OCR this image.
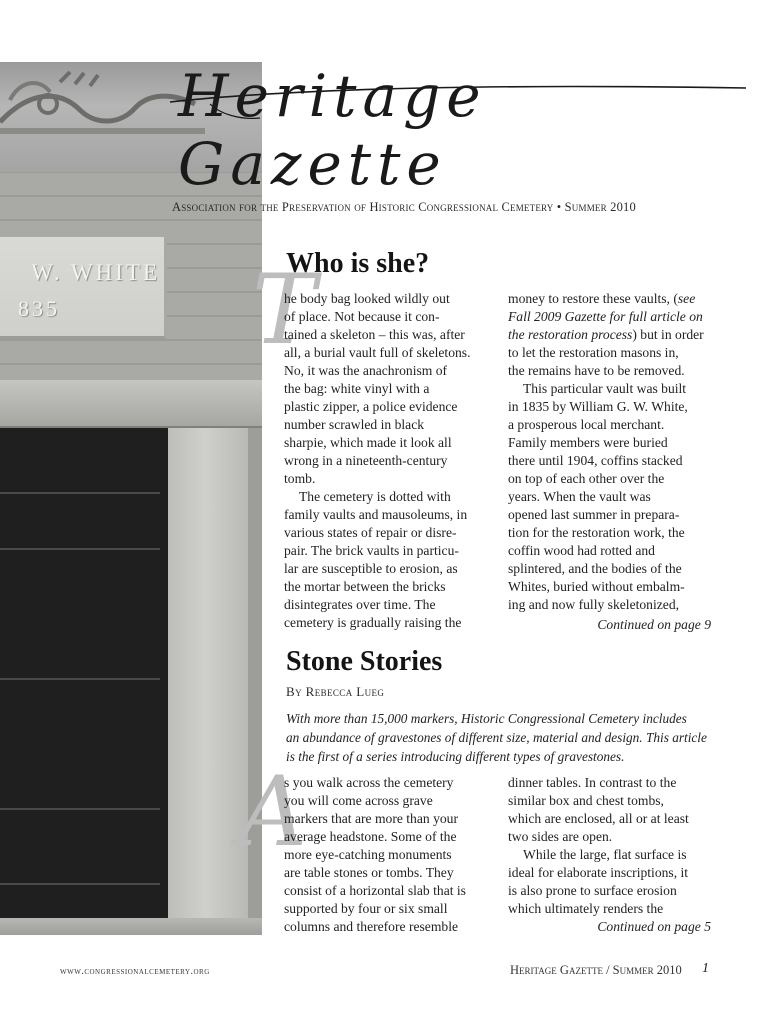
W. WHITE
835
Heritage Gazette
Association for the Preservation of Historic Congressional Cemetery • Summer 2010
Who is she?
T

he body bag looked wildly out
of place. Not because it con-
tained a skeleton – this was, after
all, a burial vault full of skeletons.
No, it was the anachronism of
the bag: white vinyl with a
plastic zipper, a police evidence
number scrawled in black
sharpie, which made it look all
wrong in a nineteenth-century
tomb.

The cemetery is dotted with
family vaults and mausoleums, in
various states of repair or disre-
pair. The brick vaults in particu-
lar are susceptible to erosion, as
the mortar between the bricks
disintegrates over time. The
cemetery is gradually raising the

money to restore these vaults, (see
Fall 2009 Gazette for full article on
the restoration process) but in order
to let the restoration masons in,
the remains have to be removed.

This particular vault was built
in 1835 by William G. W. White,
a prosperous local merchant.
Family members were buried
there until 1904, coffins stacked
on top of each other over the
years. When the vault was
opened last summer in prepara-
tion for the restoration work, the
coffin wood had rotted and
splintered, and the bodies of the
Whites, buried without embalm-
ing and now fully skeletonized,

Continued on page 9
Stone Stories
By Rebecca Lueg
With more than 15,000 markers, Historic Congressional Cemetery includes
an abundance of gravestones of different size, material and design. This article
is the first of a series introducing different types of gravestones.
A

s you walk across the cemetery
you will come across grave
markers that are more than your
average headstone. Some of the
more eye-catching monuments
are table stones or tombs. They
consist of a horizontal slab that is
supported by four or six small
columns and therefore resemble

dinner tables. In contrast to the
similar box and chest tombs,
which are enclosed, all or at least
two sides are open.

While the large, flat surface is
ideal for elaborate inscriptions, it
is also prone to surface erosion
which ultimately renders the

Continued on page 5
www.congressionalcemetery.org	Heritage Gazette / Summer 2010 1
